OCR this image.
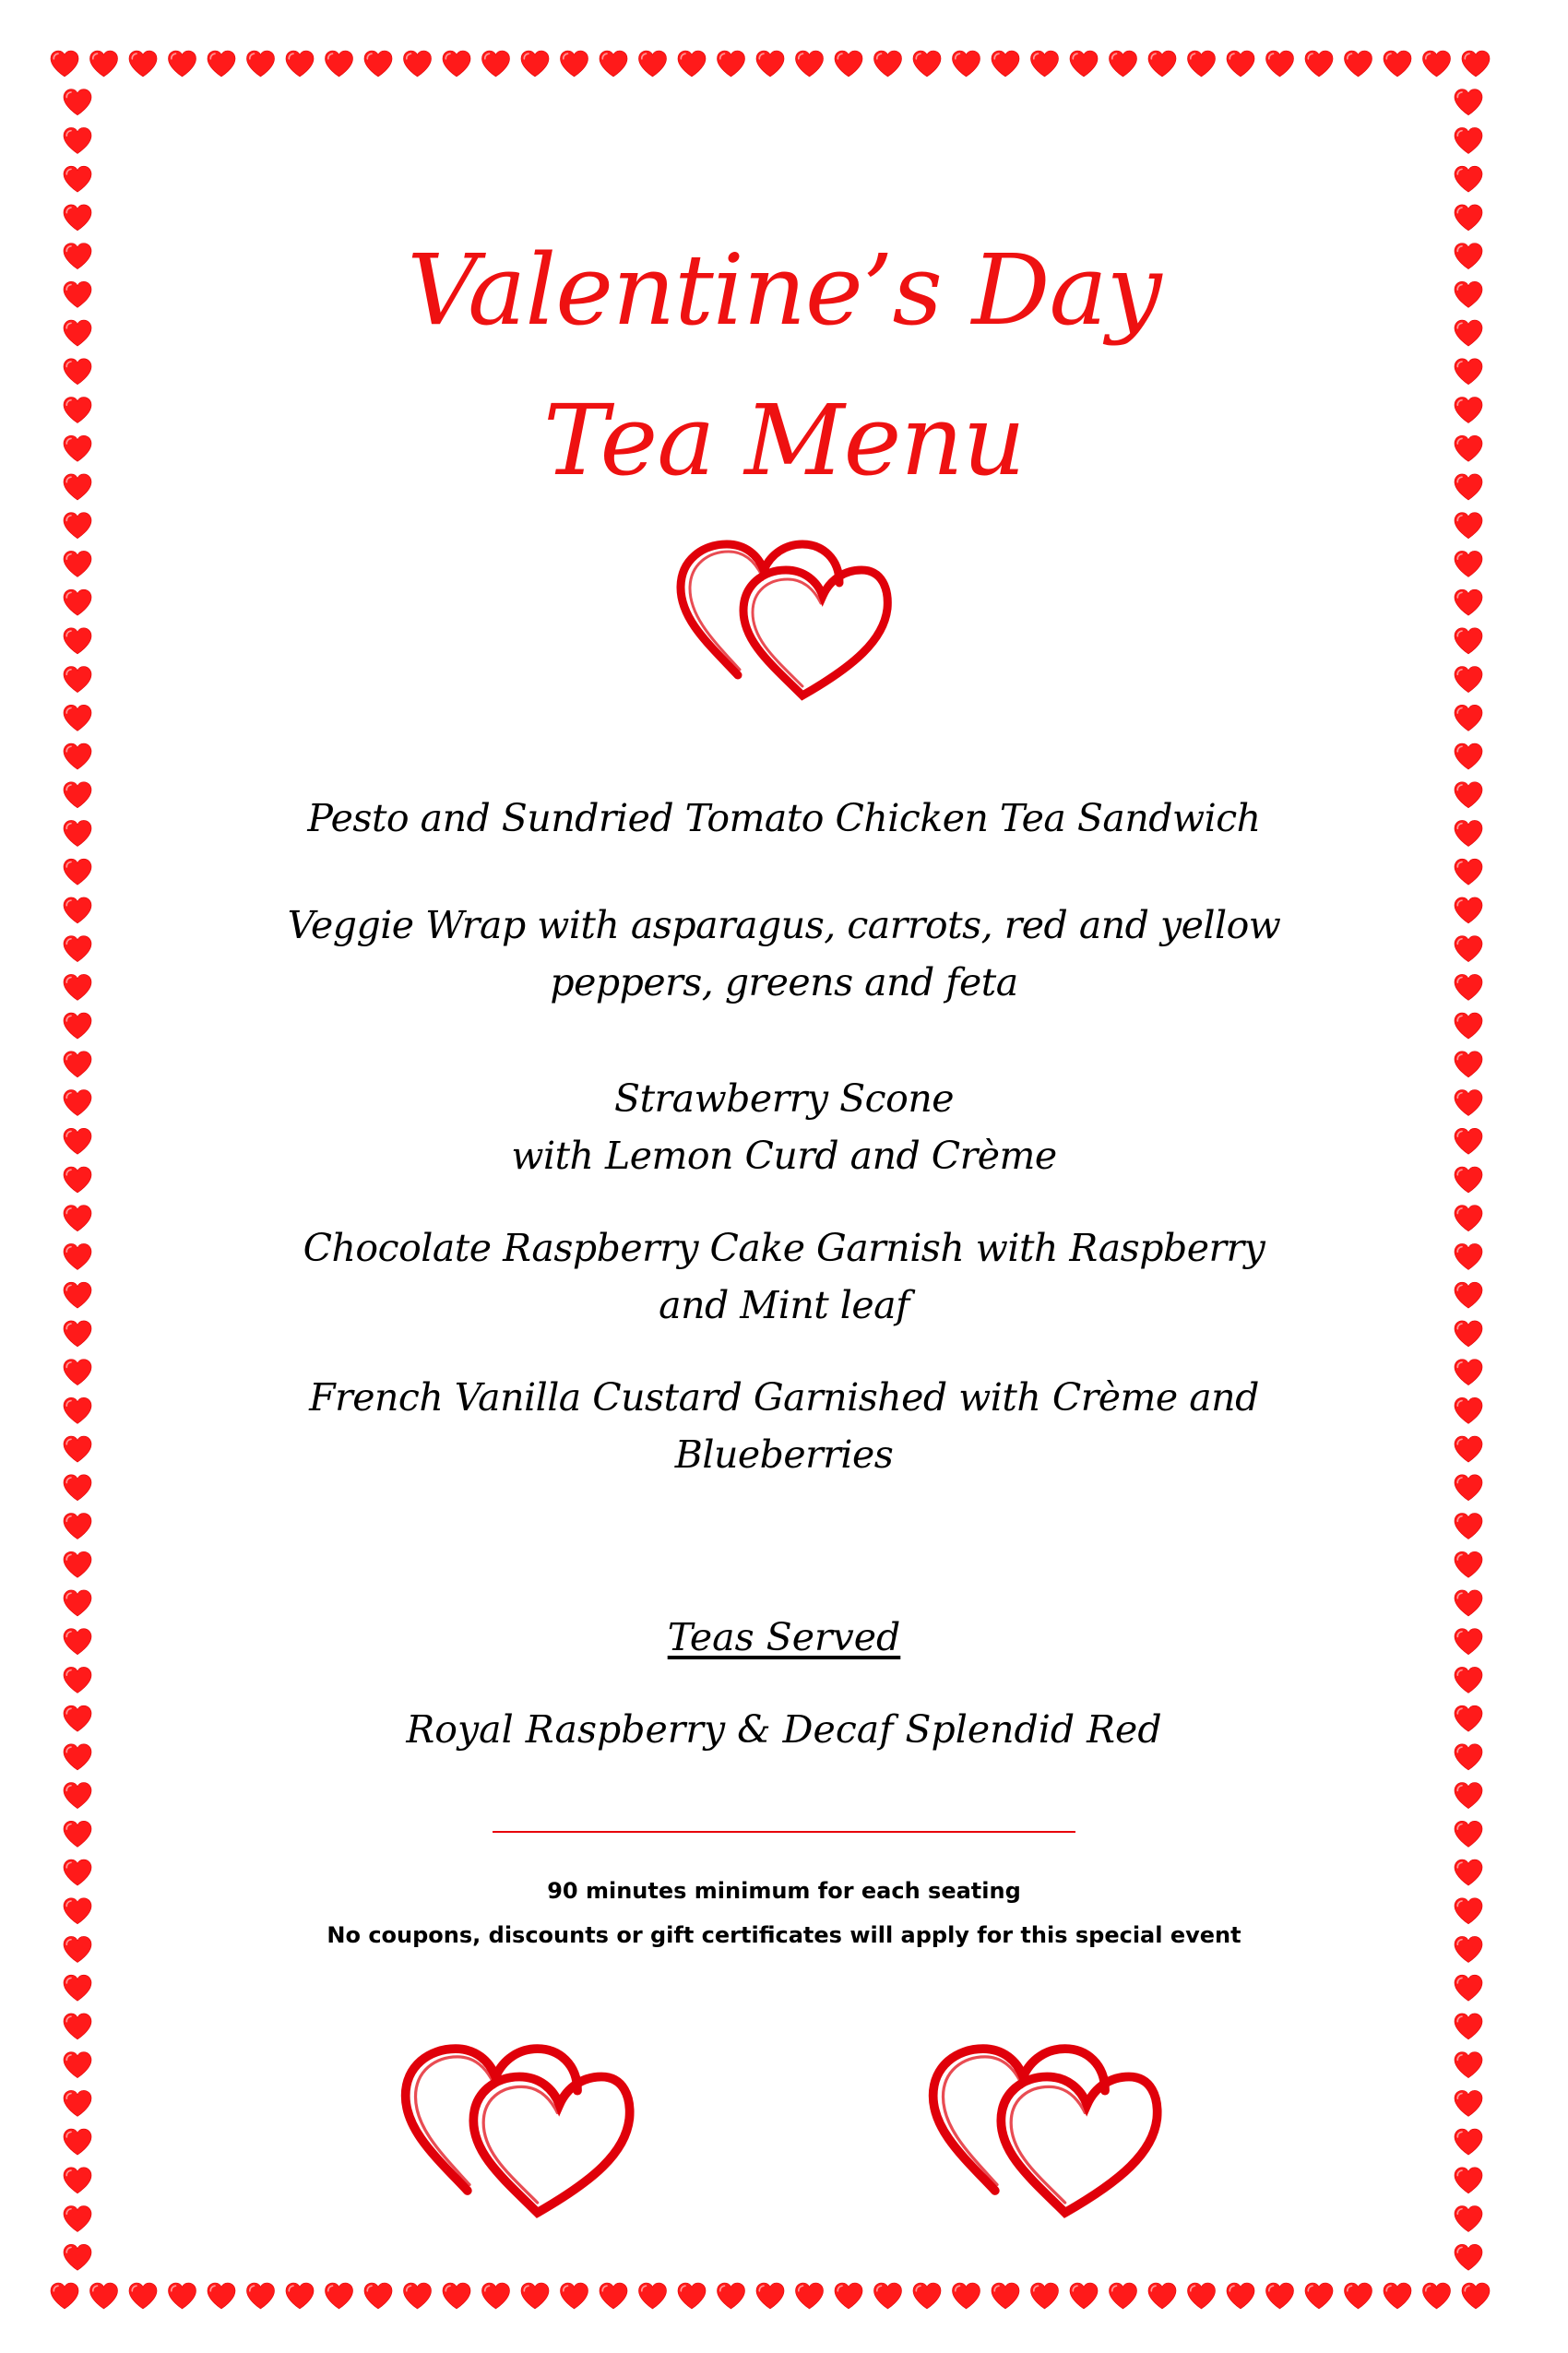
Valentine’s Day
Tea Menu
Pesto and Sundried Tomato Chicken Tea Sandwich
Veggie Wrap with asparagus, carrots, red and yellow
peppers, greens and feta
Strawberry Scone
with Lemon Curd and Crème
Chocolate Raspberry Cake Garnish with Raspberry
and Mint leaf
French Vanilla Custard Garnished with Crème and
Blueberries
Teas Served
Royal Raspberry & Decaf Splendid Red
90 minutes minimum for each seating
No coupons, discounts or gift certificates will apply for this special event
